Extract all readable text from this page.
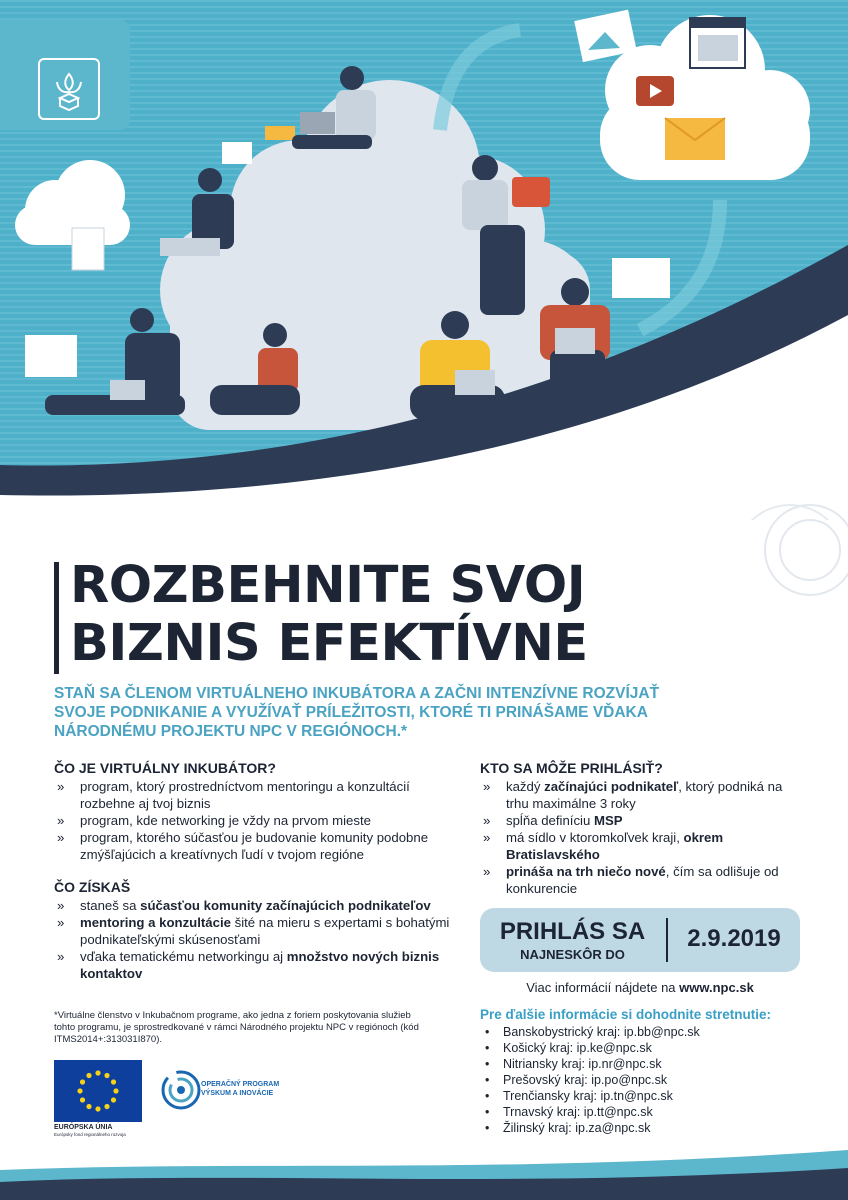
ROZBEHNITE SVOJ
BIZNIS EFEKTÍVNE
STAŇ SA ČLENOM VIRTUÁLNEHO INKUBÁTORA A ZAČNI INTENZÍVNE ROZVÍJAŤ SVOJE PODNIKANIE A VYUŽÍVAŤ PRÍLEŽITOSTI, KTORÉ TI PRINÁŠAME VĎAKA NÁRODNÉMU PROJEKTU NPC V REGIÓNOCH.*
ČO JE VIRTUÁLNY INKUBÁTOR?
» program, ktorý prostredníctvom mentoringu a konzultácií rozbehne aj tvoj biznis
» program, kde networking je vždy na prvom mieste
» program, ktorého súčasťou je budovanie komunity podobne zmýšľajúcich a kreatívnych ľudí v tvojom regióne
ČO ZÍSKAŠ
» staneš sa súčasťou komunity začínajúcich podnikateľov
» mentoring a konzultácie šité na mieru s expertami s bohatými podnikateľskými skúsenosťami
» vďaka tematickému networkingu aj množstvo nových biznis kontaktov
KTO SA MÔŽE PRIHLÁSIŤ?
» každý začínajúci podnikateľ, ktorý podniká na trhu maximálne 3 roky
» spĺňa definíciu MSP
» má sídlo v ktoromkoľvek kraji, okrem Bratislavského
» prináša na trh niečo nové, čím sa odlišuje od konkurencie
PRIHLÁS SA
NAJNESKÔR DO
2.9.2019
Viac informácií nájdete na www.npc.sk
Pre ďalšie informácie si dohodnite stretnutie:
• Banskobystrický kraj: ip.bb@npc.sk
• Košický kraj: ip.ke@npc.sk
• Nitriansky kraj: ip.nr@npc.sk
• Prešovský kraj: ip.po@npc.sk
• Trenčiansky kraj: ip.tn@npc.sk
• Trnavský kraj: ip.tt@npc.sk
• Žilinský kraj: ip.za@npc.sk
*Virtuálne členstvo v Inkubačnom programe, ako jedna z foriem poskytovania služieb tohto programu, je sprostredkované v rámci Národného projektu NPC v regiónoch (kód ITMS2014+:313031I870).
EURÓPSKA ÚNIA
Európsky fond regionálneho rozvoja
OPERAČNÝ PROGRAM VÝSKUM A INOVÁCIE
